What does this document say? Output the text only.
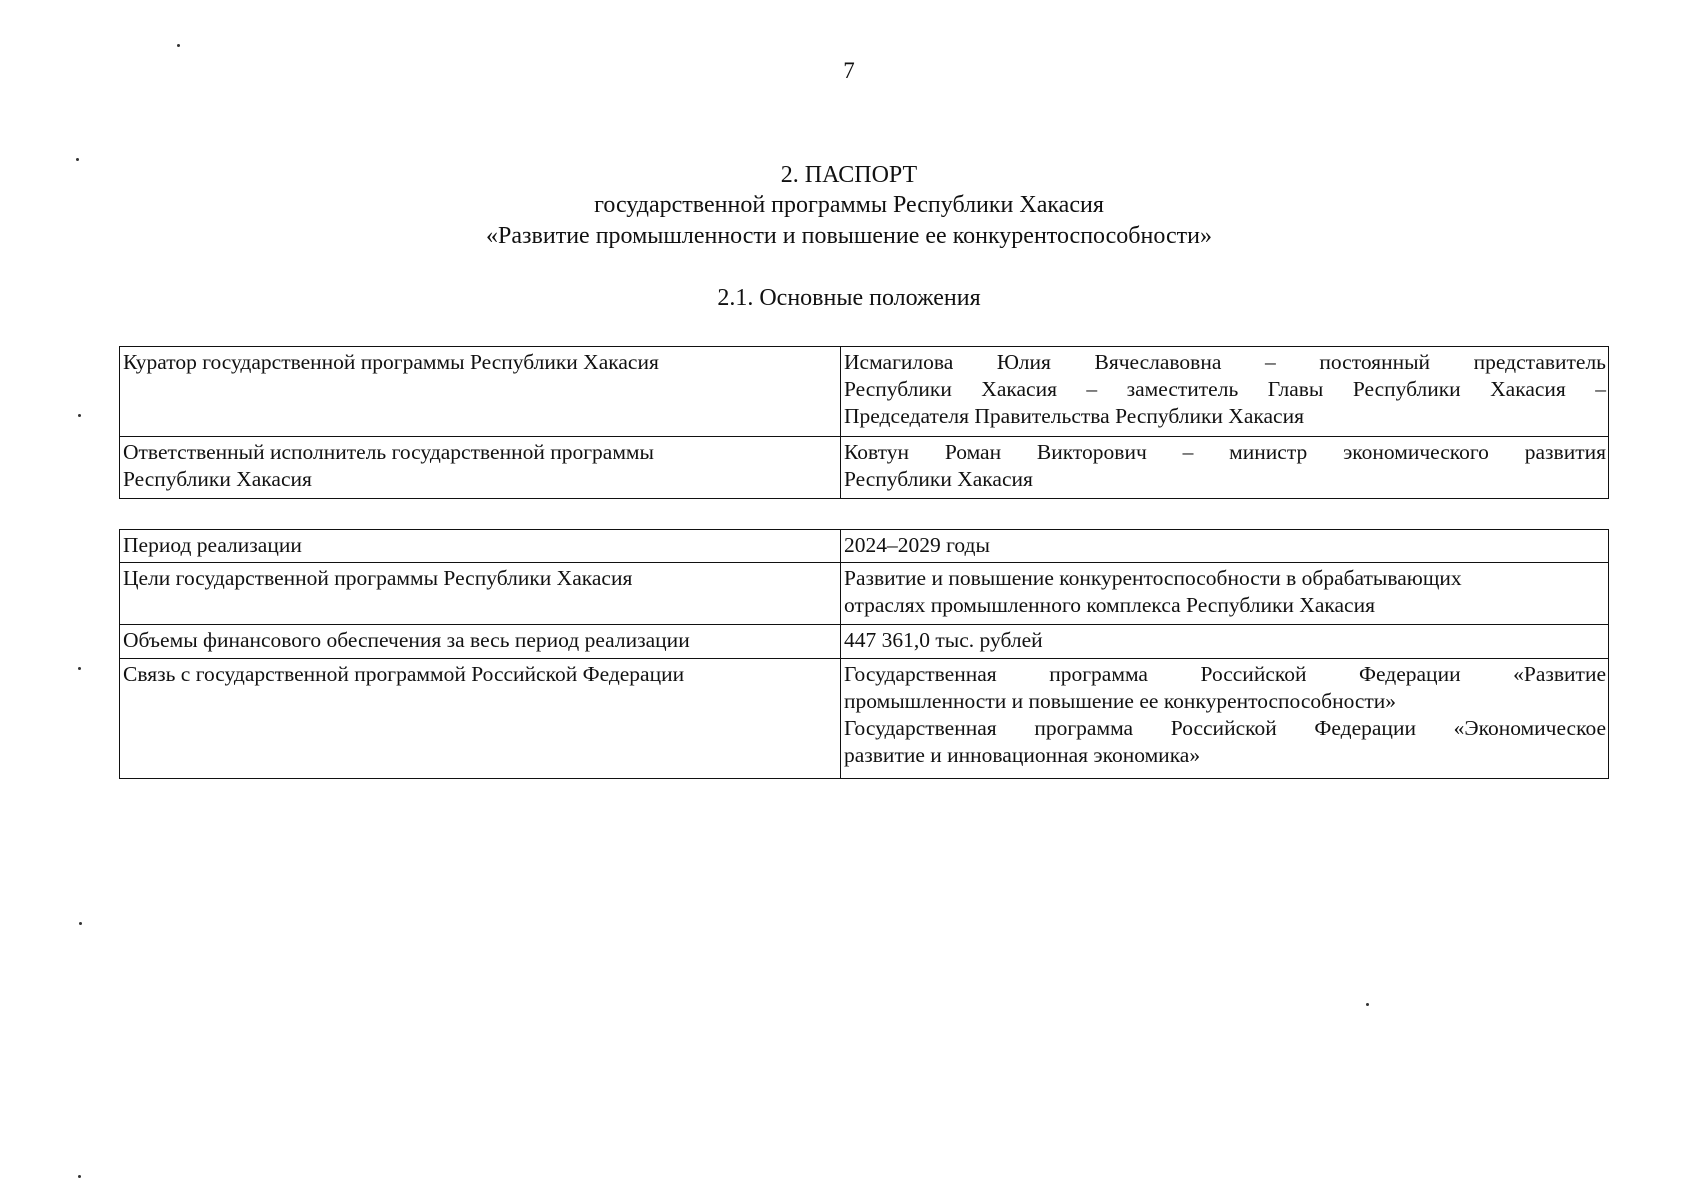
7
2. ПАСПОРТ
государственной программы Республики Хакасия
«Развитие промышленности и повышение ее конкурентоспособности»
2.1. Основные положения
Куратор государственной программы Республики Хакасия	Исмагилова Юлия Вячеславовна – постоянный представитель
Республики Хакасия – заместитель Главы Республики Хакасия –
Председателя Правительства Республики Хакасия

Ответственный исполнитель государственной программы
Республики Хакасия	Ковтун Роман Викторович – министр экономического развития
Республики Хакасия
Период реализации	2024–2029 годы
Цели государственной программы Республики Хакасия	Развитие и повышение конкурентоспособности в обрабатывающих
отраслях промышленного комплекса Республики Хакасия

Объемы финансового обеспечения за весь период реализации	447 361,0 тыс. рублей
Связь с государственной программой Российской Федерации	Государственная программа Российской Федерации «Развитие
промышленности и повышение ее конкурентоспособности»
Государственная программа Российской Федерации «Экономическое
развитие и инновационная экономика»
